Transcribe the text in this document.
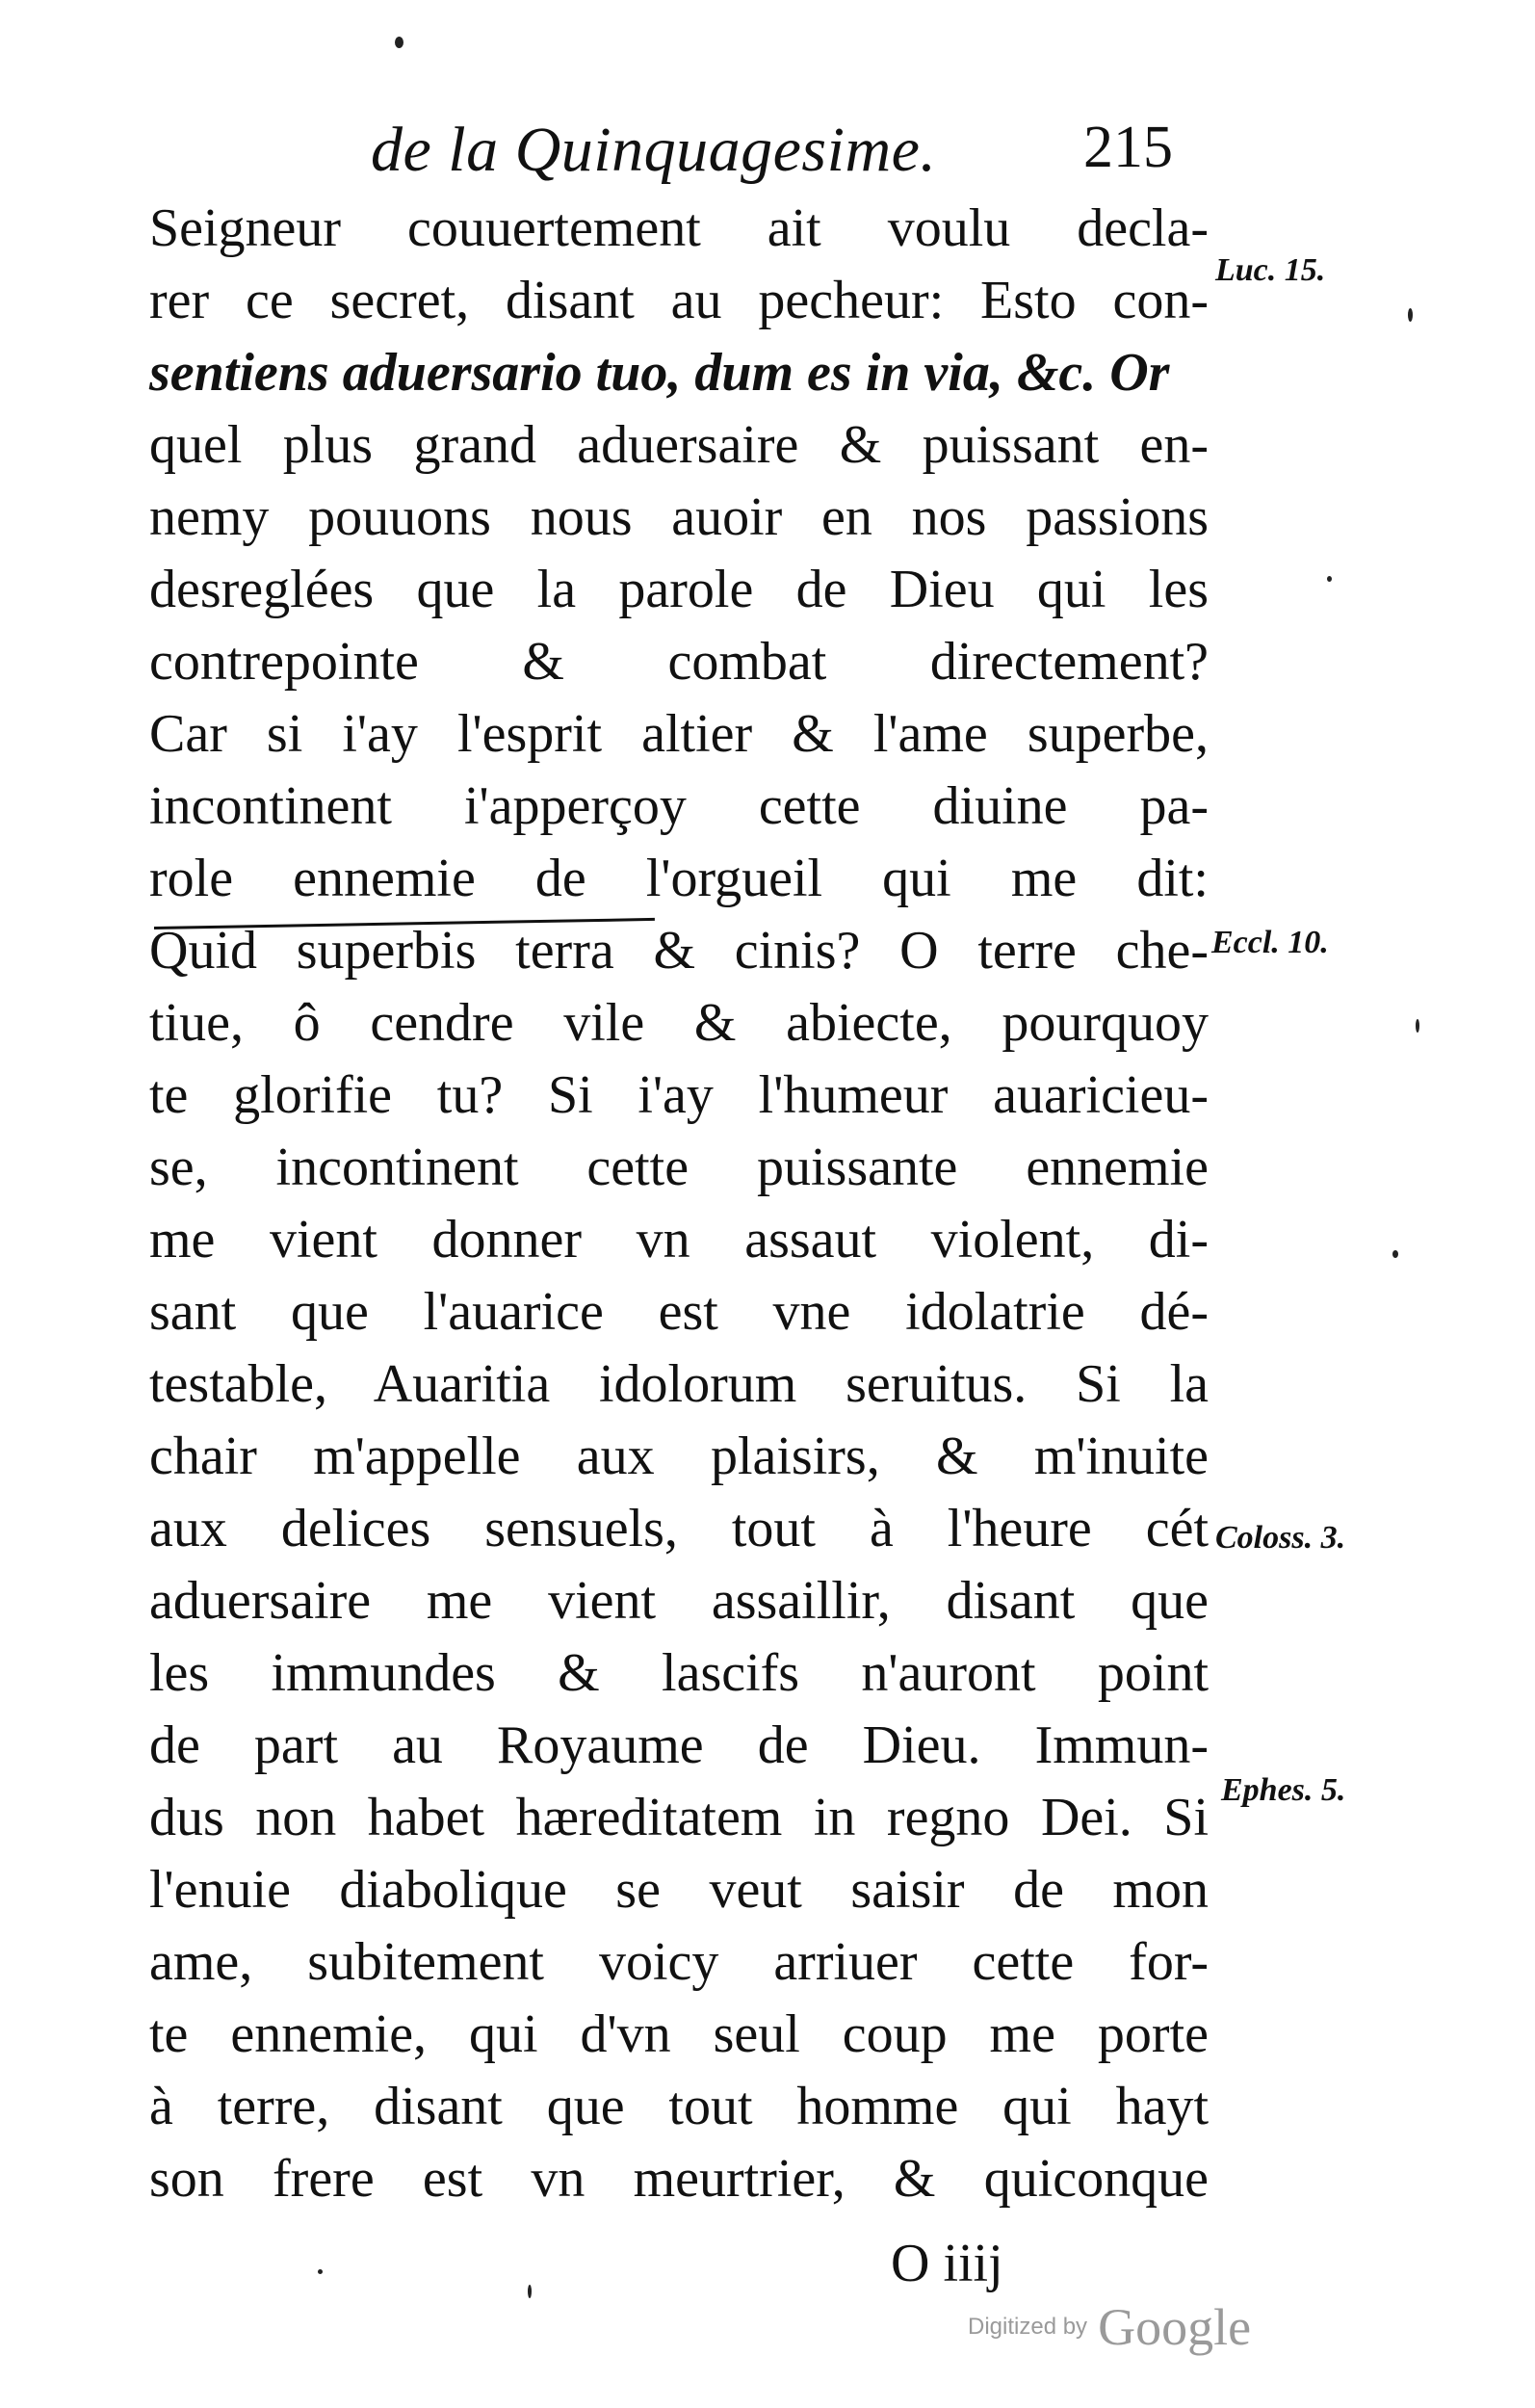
de la Quinquagesime. 215
Seigneur couuertement ait voulu decla-
rer ce secret, disant au pecheur: Esto con-
sentiens aduersario tuo, dum es in via, &c. Or
quel plus grand aduersaire & puissant en-
nemy pouuons nous auoir en nos passions
desreglées que la parole de Dieu qui les
contrepointe & combat directement?
Car si i'ay l'esprit altier & l'ame superbe,
incontinent i'apperçoy cette diuine pa-
role ennemie de l'orgueil qui me dit:
Quid superbis terra & cinis? O terre che-
tiue, ô cendre vile & abiecte, pourquoy
te glorifie tu? Si i'ay l'humeur auaricieu-
se, incontinent cette puissante ennemie
me vient donner vn assaut violent, di-
sant que l'auarice est vne idolatrie dé-
testable, Auaritia idolorum seruitus. Si la
chair m'appelle aux plaisirs, & m'inuite
aux delices sensuels, tout à l'heure cét
aduersaire me vient assaillir, disant que
les immundes & lascifs n'auront point
de part au Royaume de Dieu. Immun-
dus non habet hæreditatem in regno Dei. Si
l'enuie diabolique se veut saisir de mon
ame, subitement voicy arriuer cette for-
te ennemie, qui d'vn seul coup me porte
à terre, disant que tout homme qui hayt
son frere est vn meurtrier, & quiconque
Luc. 15.
Eccl. 10.
Coloss. 3.
Ephes. 5.
O iiij
Digitized by Google
